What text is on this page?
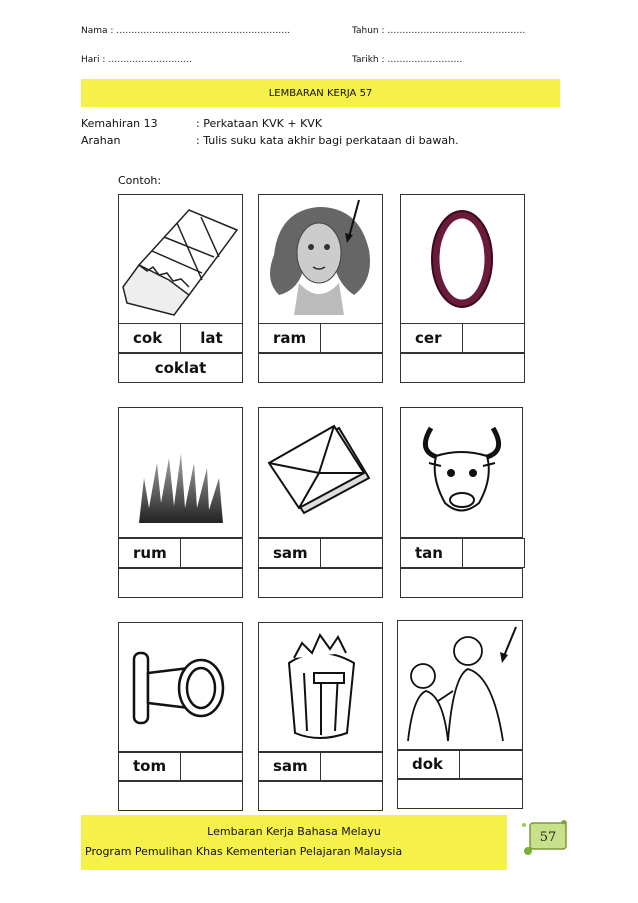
Nama : ………………………………………………….	Tahun : ……………………………………….
Hari : ……………………….	Tarikh : …………………….
LEMBARAN KERJA 57
Kemahiran 13	: Perkataan KVK + KVK
Arahan	: Tulis suku kata akhir bagi perkataan di bawah.
Contoh:
cok	lat
coklat
ram	cer
rum	sam	tan
tom	sam	dok
Lembaran Kerja Bahasa Melayu
Program Pemulihan Khas Kementerian Pelajaran Malaysia
57
